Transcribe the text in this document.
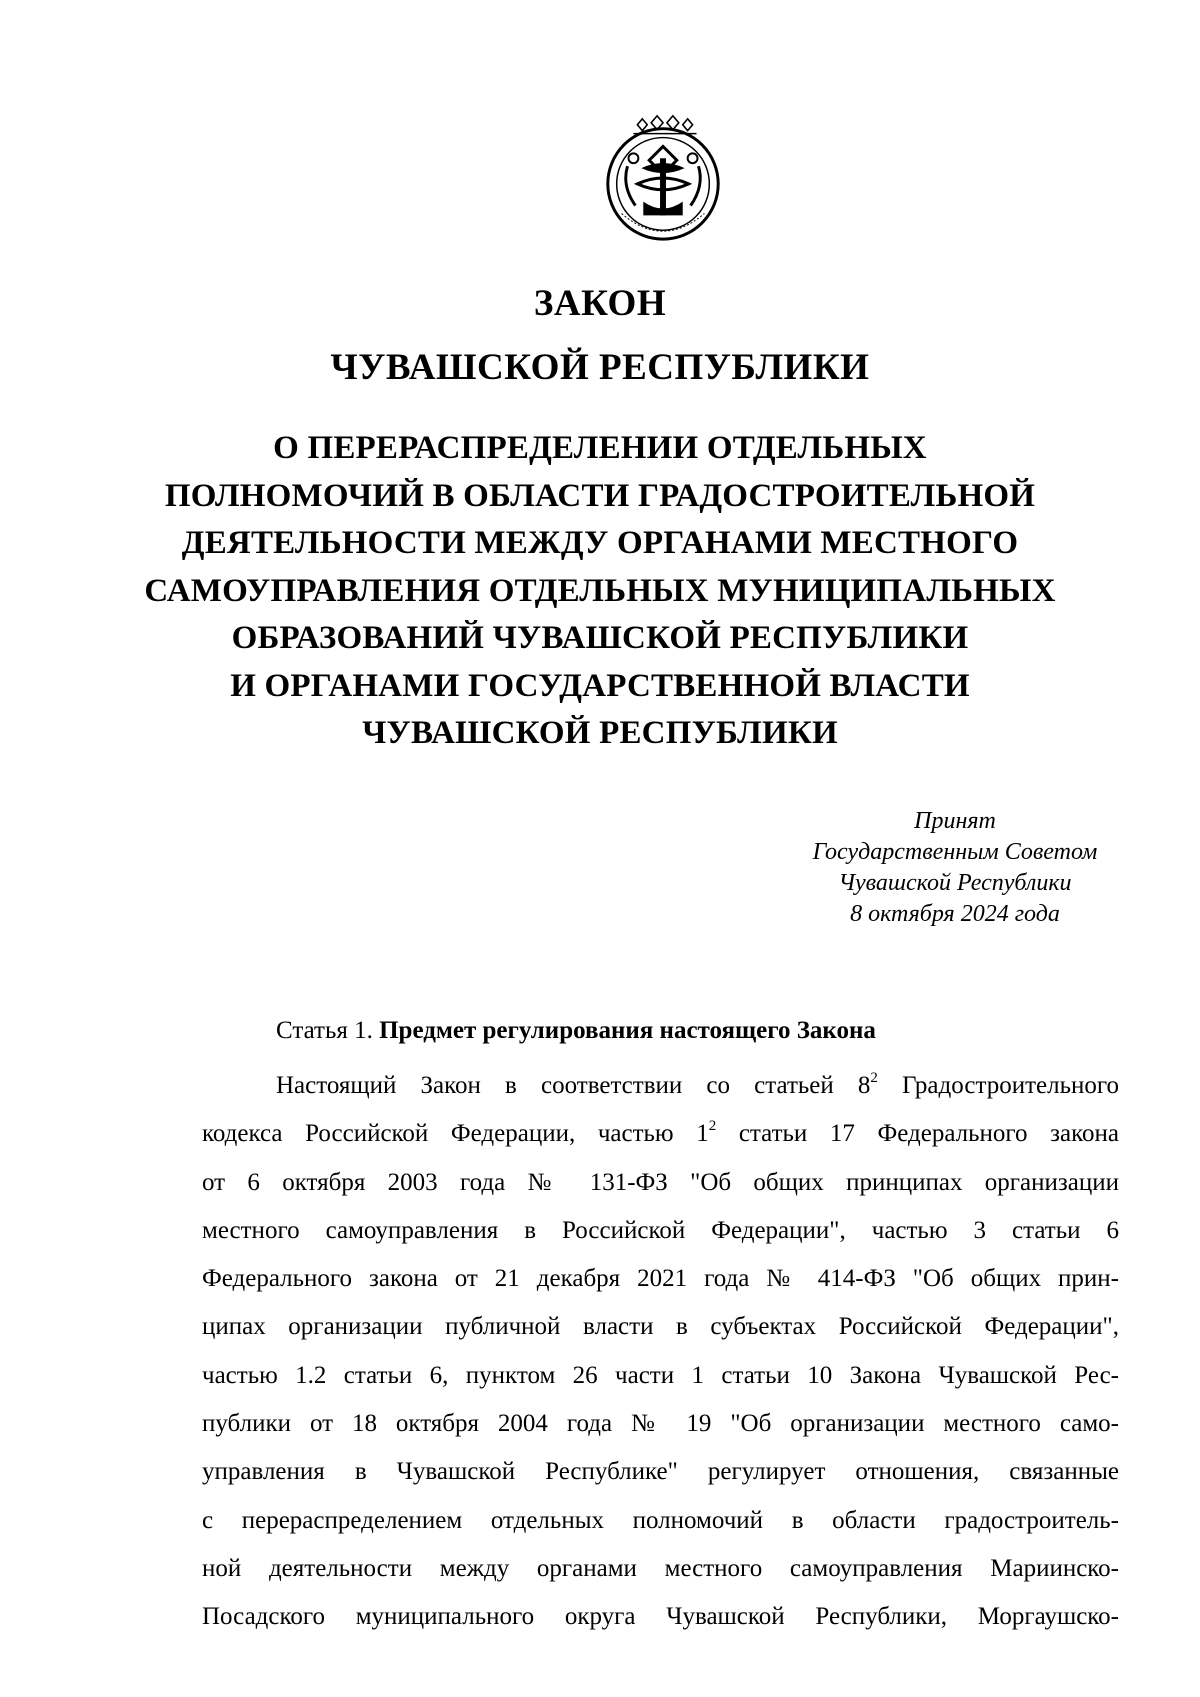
ЗАКОН
ЧУВАШСКОЙ РЕСПУБЛИКИ
О ПЕРЕРАСПРЕДЕЛЕНИИ ОТДЕЛЬНЫХ
ПОЛНОМОЧИЙ В ОБЛАСТИ ГРАДОСТРОИТЕЛЬНОЙ
ДЕЯТЕЛЬНОСТИ МЕЖДУ ОРГАНАМИ МЕСТНОГО
САМОУПРАВЛЕНИЯ ОТДЕЛЬНЫХ МУНИЦИПАЛЬНЫХ
ОБРАЗОВАНИЙ ЧУВАШСКОЙ РЕСПУБЛИКИ
И ОРГАНАМИ ГОСУДАРСТВЕННОЙ ВЛАСТИ
ЧУВАШСКОЙ РЕСПУБЛИКИ
Принят
Государственным Советом
Чувашской Республики
8 октября 2024 года
Статья 1. Предмет регулирования настоящего Закона
Настоящий Закон в соответствии со статьей $8^2$ Градостроительного
кодекса Российской Федерации, частью $1^2$ статьи 17 Федерального закона
от 6 октября 2003 года № 131-ФЗ "Об общих принципах организации
местного самоуправления в Российской Федерации", частью 3 статьи 6
Федерального закона от 21 декабря 2021 года № 414-ФЗ "Об общих прин-
ципах организации публичной власти в субъектах Российской Федерации",
частью 1.2 статьи 6, пунктом 26 части 1 статьи 10 Закона Чувашской Рес-
публики от 18 октября 2004 года № 19 "Об организации местного само-
управления в Чувашской Республике" регулирует отношения, связанные
с перераспределением отдельных полномочий в области градостроитель-
ной деятельности между органами местного самоуправления Мариинско-
Посадского муниципального округа Чувашской Республики, Моргаушско-
